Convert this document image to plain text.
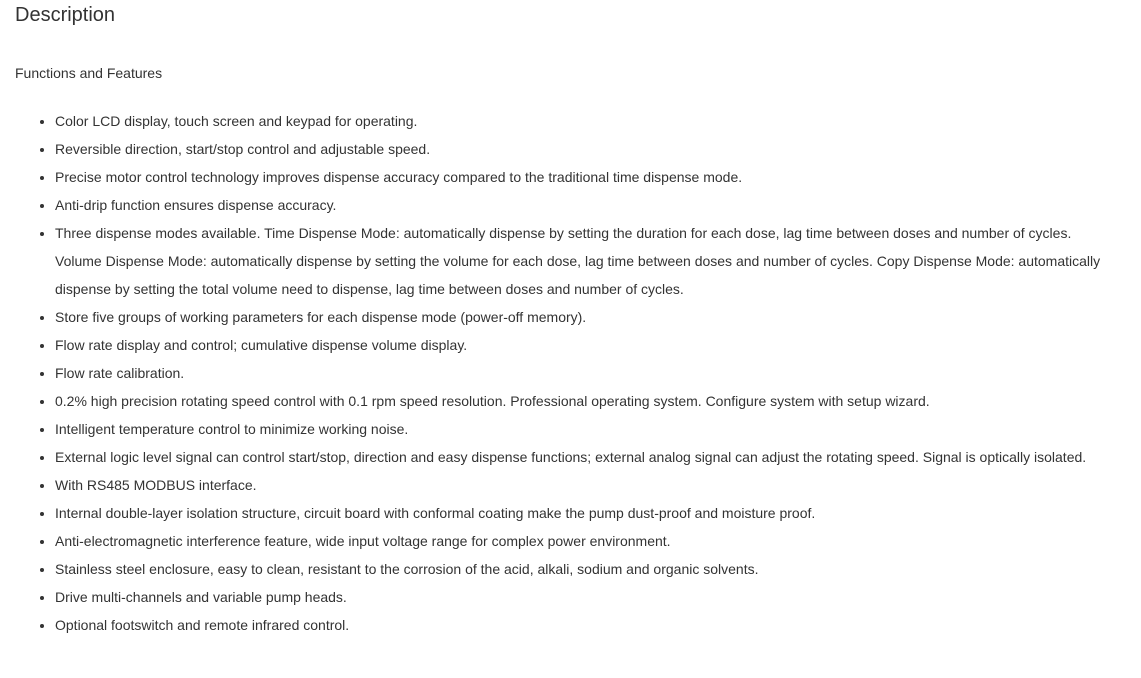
Description

Functions and Features

• Color LCD display, touch screen and keypad for operating.
• Reversible direction, start/stop control and adjustable speed.
• Precise motor control technology improves dispense accuracy compared to the traditional time dispense mode.
• Anti-drip function ensures dispense accuracy.
• Three dispense modes available. Time Dispense Mode: automatically dispense by setting the duration for each dose, lag time between doses and number of cycles. Volume Dispense Mode: automatically dispense by setting the volume for each dose, lag time between doses and number of cycles. Copy Dispense Mode: automatically dispense by setting the total volume need to dispense, lag time between doses and number of cycles.
• Store five groups of working parameters for each dispense mode (power-off memory).
• Flow rate display and control; cumulative dispense volume display.
• Flow rate calibration.
• 0.2% high precision rotating speed control with 0.1 rpm speed resolution. Professional operating system. Configure system with setup wizard.
• Intelligent temperature control to minimize working noise.
• External logic level signal can control start/stop, direction and easy dispense functions; external analog signal can adjust the rotating speed. Signal is optically isolated.
• With RS485 MODBUS interface.
• Internal double-layer isolation structure, circuit board with conformal coating make the pump dust-proof and moisture proof.
• Anti-electromagnetic interference feature, wide input voltage range for complex power environment.
• Stainless steel enclosure, easy to clean, resistant to the corrosion of the acid, alkali, sodium and organic solvents.
• Drive multi-channels and variable pump heads.
• Optional footswitch and remote infrared control.
